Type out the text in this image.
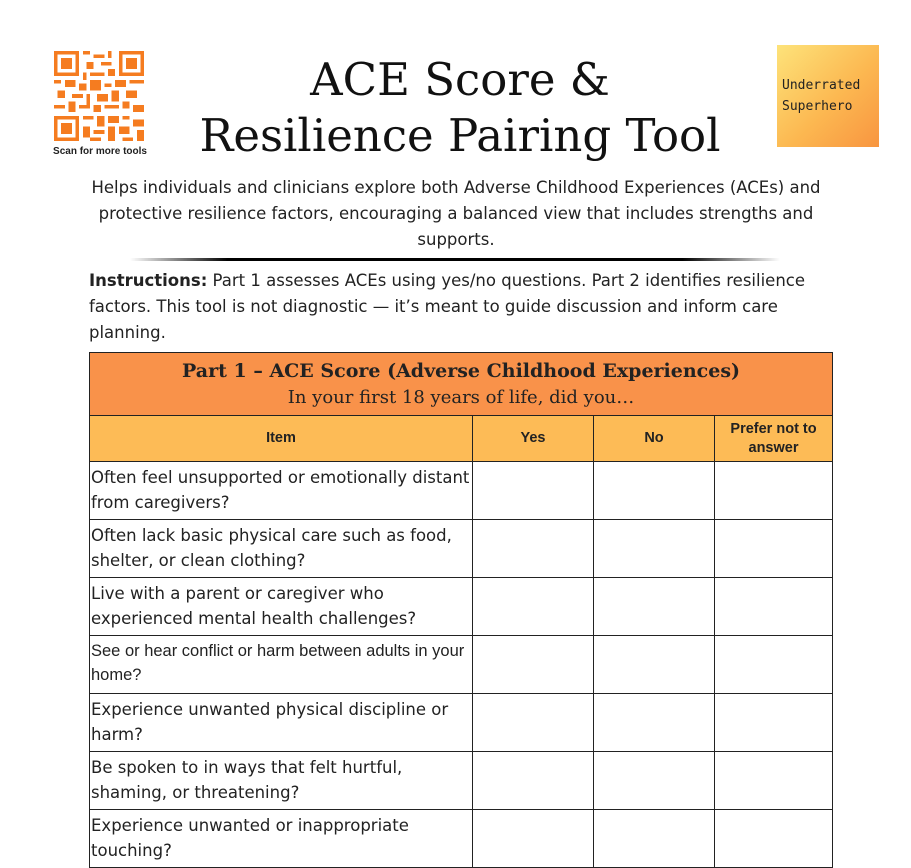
Scan for more tools
ACE Score &
Resilience Pairing Tool
Underrated
Superhero

Helps individuals and clinicians explore both Adverse Childhood Experiences (ACEs) and protective resilience factors, encouraging a balanced view that includes strengths and supports.

Instructions: Part 1 assesses ACEs using yes/no questions. Part 2 identifies resilience factors. This tool is not diagnostic — it’s meant to guide discussion and inform care planning.

Part 1 – ACE Score (Adverse Childhood Experiences)
In your first 18 years of life, did you…			

Item	Yes	No	Prefer not to answer
Often feel unsupported or emotionally distant from caregivers?			
Often lack basic physical care such as food, shelter, or clean clothing?			
Live with a parent or caregiver who experienced mental health challenges?			
See or hear conflict or harm between adults in your home?			
Experience unwanted physical discipline or harm?			
Be spoken to in ways that felt hurtful, shaming, or threatening?			
Experience unwanted or inappropriate touching?			
